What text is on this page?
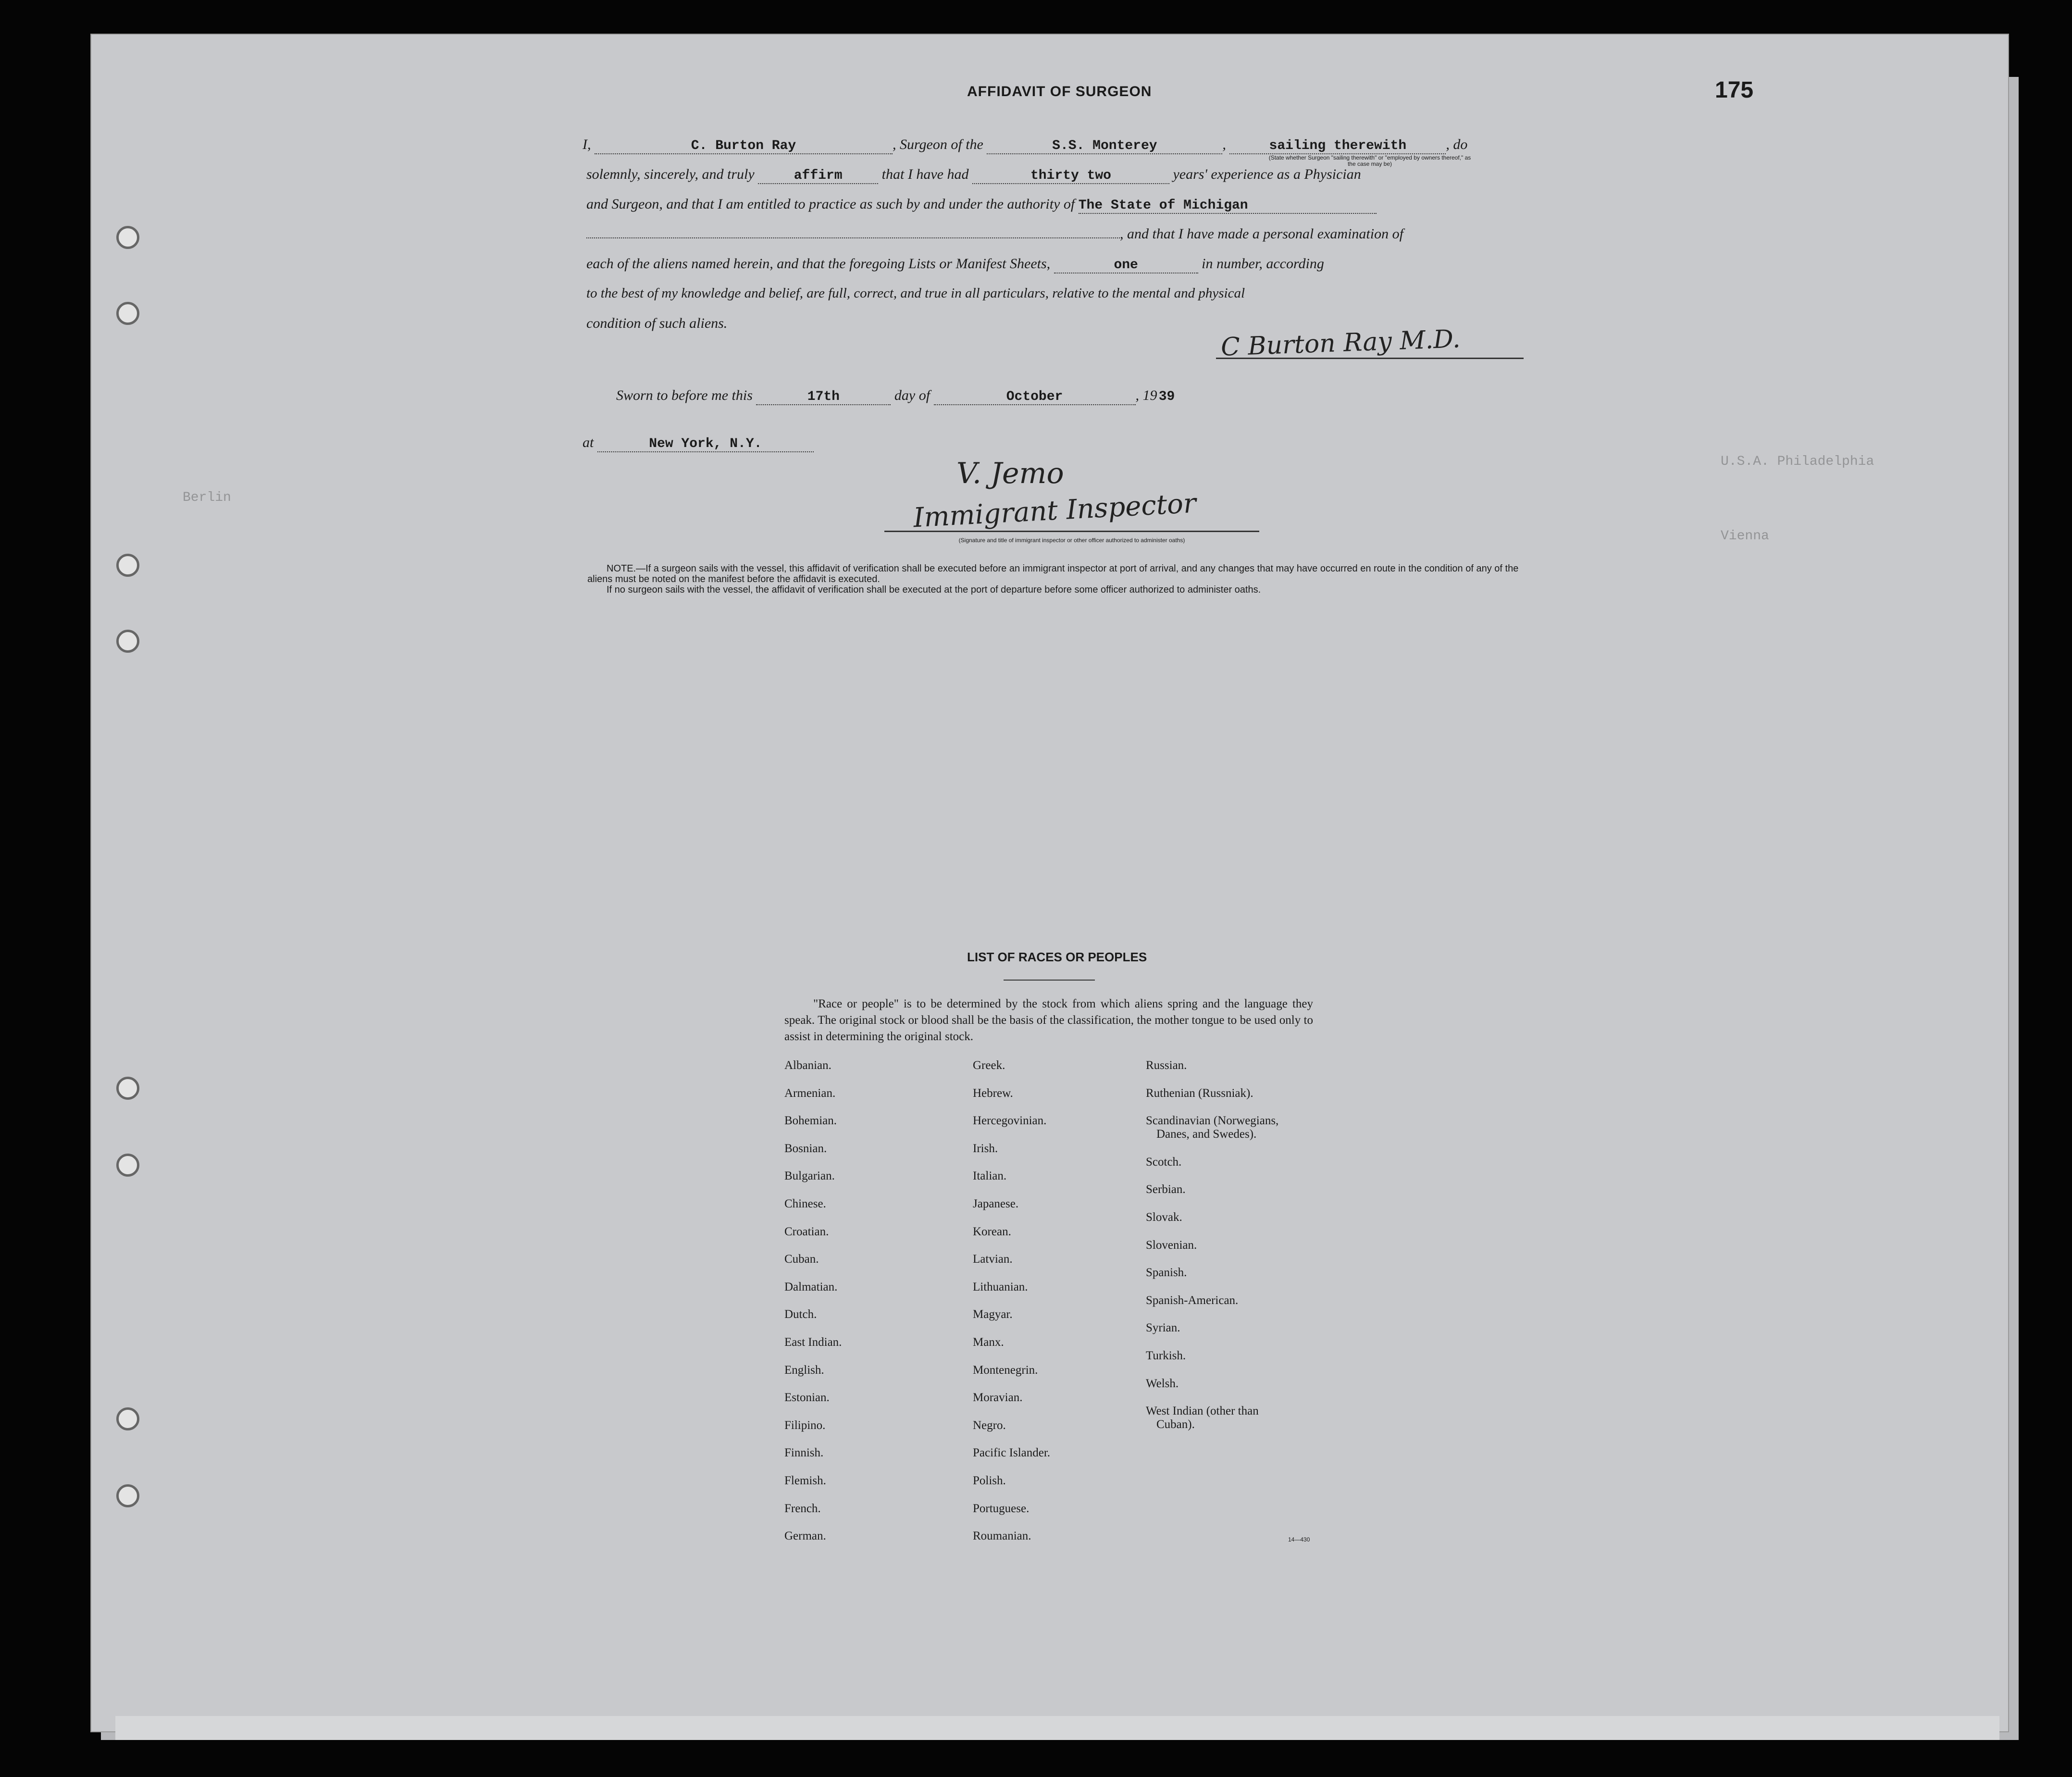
U.S.A. Philadelphia
Berlin
Vienna
175
AFFIDAVIT OF SURGEON
I,	C. Burton Ray	, Surgeon of the	S.S. Monterey	,	sailing therewith	, do
(State whether Surgeon "sailing therewith" or "employed by owners thereof," as the case may be)
solemnly, sincerely, and truly	affirm	that I have had	thirty two	years' experience as a Physician
and Surgeon, and that I am entitled to practice as such by and under the authority of The State of Michigan
, and that I have made a personal examination of
each of the aliens named herein, and that the foregoing Lists or Manifest Sheets,	one	in number, according
to the best of my knowledge and belief, are full, correct, and true in all particulars, relative to the mental and physical
condition of such aliens.
C Burton Ray M.D.
Sworn to before me this	17th	day of	October	, 19 39
at	New York, N.Y.
V. Jemo
Immigrant Inspector
(Signature and title of immigrant inspector or other officer authorized to administer oaths)
NOTE.—If a surgeon sails with the vessel, this affidavit of verification shall be executed before an immigrant inspector at port of arrival, and any changes that may have occurred en route in the condition of any of the aliens must be noted on the manifest before the affidavit is executed.
If no surgeon sails with the vessel, the affidavit of verification shall be executed at the port of departure before some officer authorized to administer oaths.
LIST OF RACES OR PEOPLES
"Race or people" is to be determined by the stock from which aliens spring and the language they speak. The original stock or blood shall be the basis of the classification, the mother tongue to be used only to assist in determining the original stock.
Albanian.
Armenian.
Bohemian.
Bosnian.
Bulgarian.
Chinese.
Croatian.
Cuban.
Dalmatian.
Dutch.
East Indian.
English.
Estonian.
Filipino.
Finnish.
Flemish.
French.
German.
Greek.
Hebrew.
Hercegovinian.
Irish.
Italian.
Japanese.
Korean.
Latvian.
Lithuanian.
Magyar.
Manx.
Montenegrin.
Moravian.
Negro.
Pacific Islander.
Polish.
Portuguese.
Roumanian.
Russian.
Ruthenian (Russniak).
Scandinavian (Norwegians,
Danes, and Swedes).
Scotch.
Serbian.
Slovak.
Slovenian.
Spanish.
Spanish-American.
Syrian.
Turkish.
Welsh.
West Indian (other than
Cuban).
14—430
